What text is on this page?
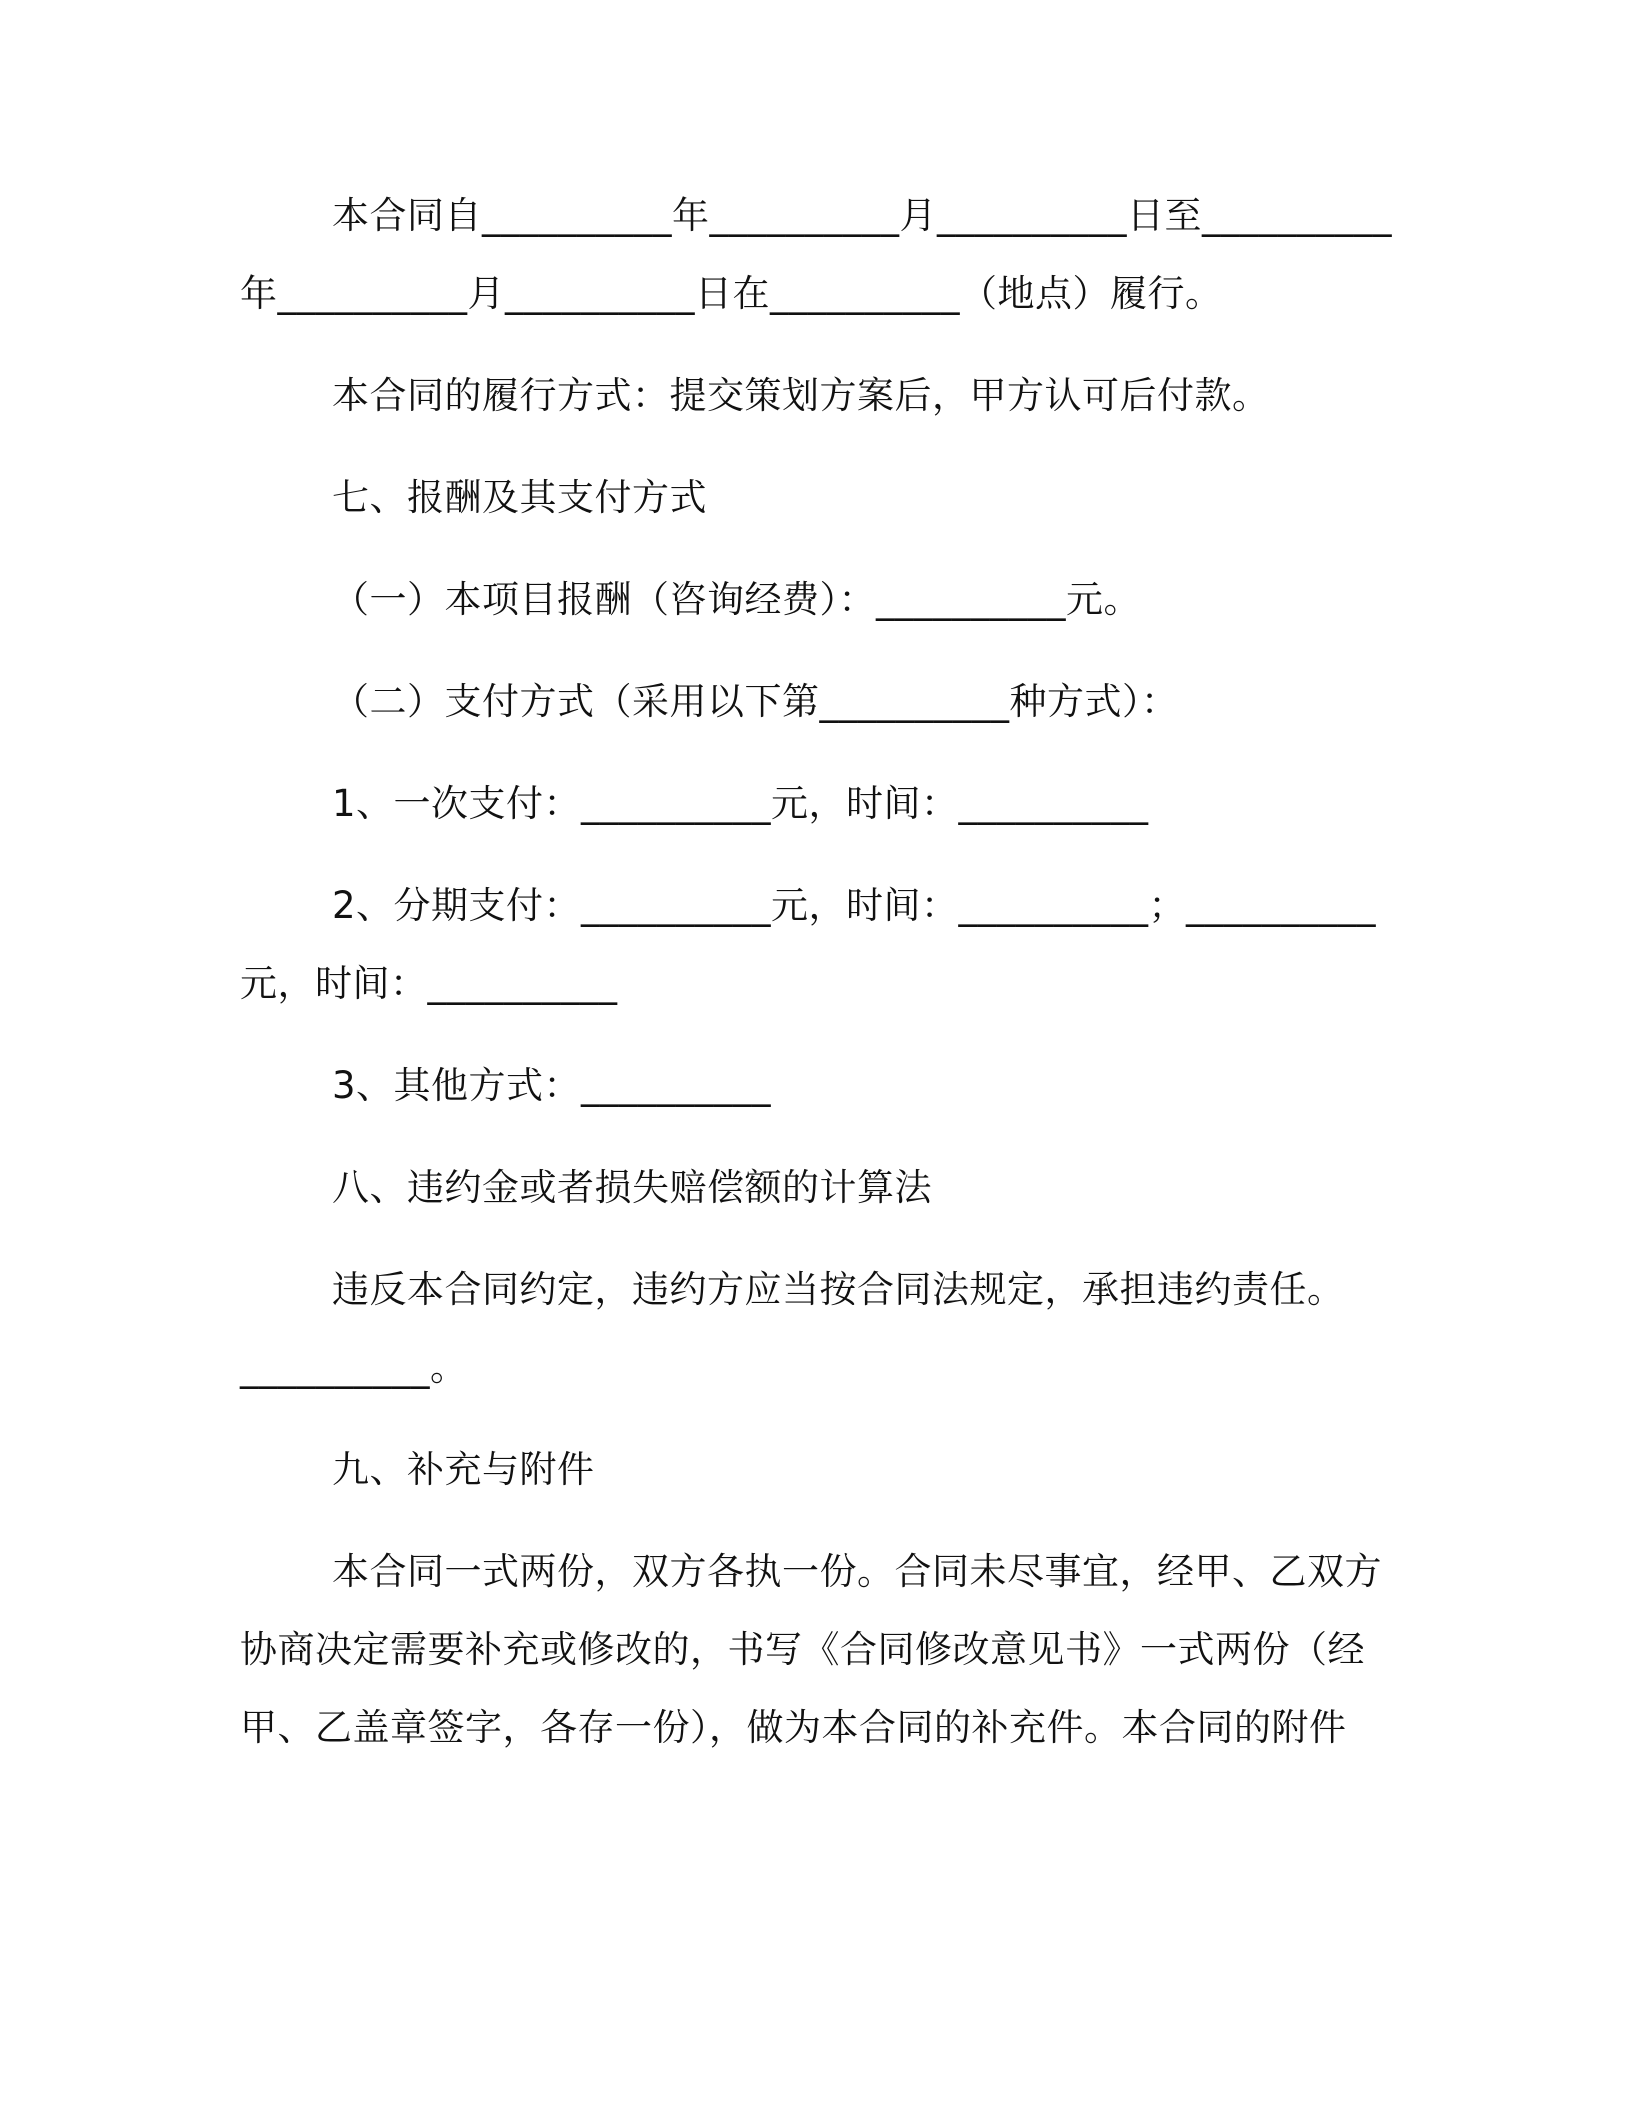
本合同自__________年__________月__________日至__________
年__________月__________日在__________（地点）履行。
本合同的履行方式：提交策划方案后，甲方认可后付款。
七、报酬及其支付方式
（一）本项目报酬（咨询经费）：__________元。
（二）支付方式（采用以下第__________种方式）：
1、一次支付：__________元，时间：__________
2、分期支付：__________元，时间：__________；__________
元，时间：__________
3、其他方式：__________
八、违约金或者损失赔偿额的计算法
违反本合同约定，违约方应当按合同法规定，承担违约责任。
__________。
九、补充与附件
本合同一式两份，双方各执一份。合同未尽事宜，经甲、乙双方
协商决定需要补充或修改的，书写《合同修改意见书》一式两份（经
甲、乙盖章签字，各存一份），做为本合同的补充件。本合同的附件
